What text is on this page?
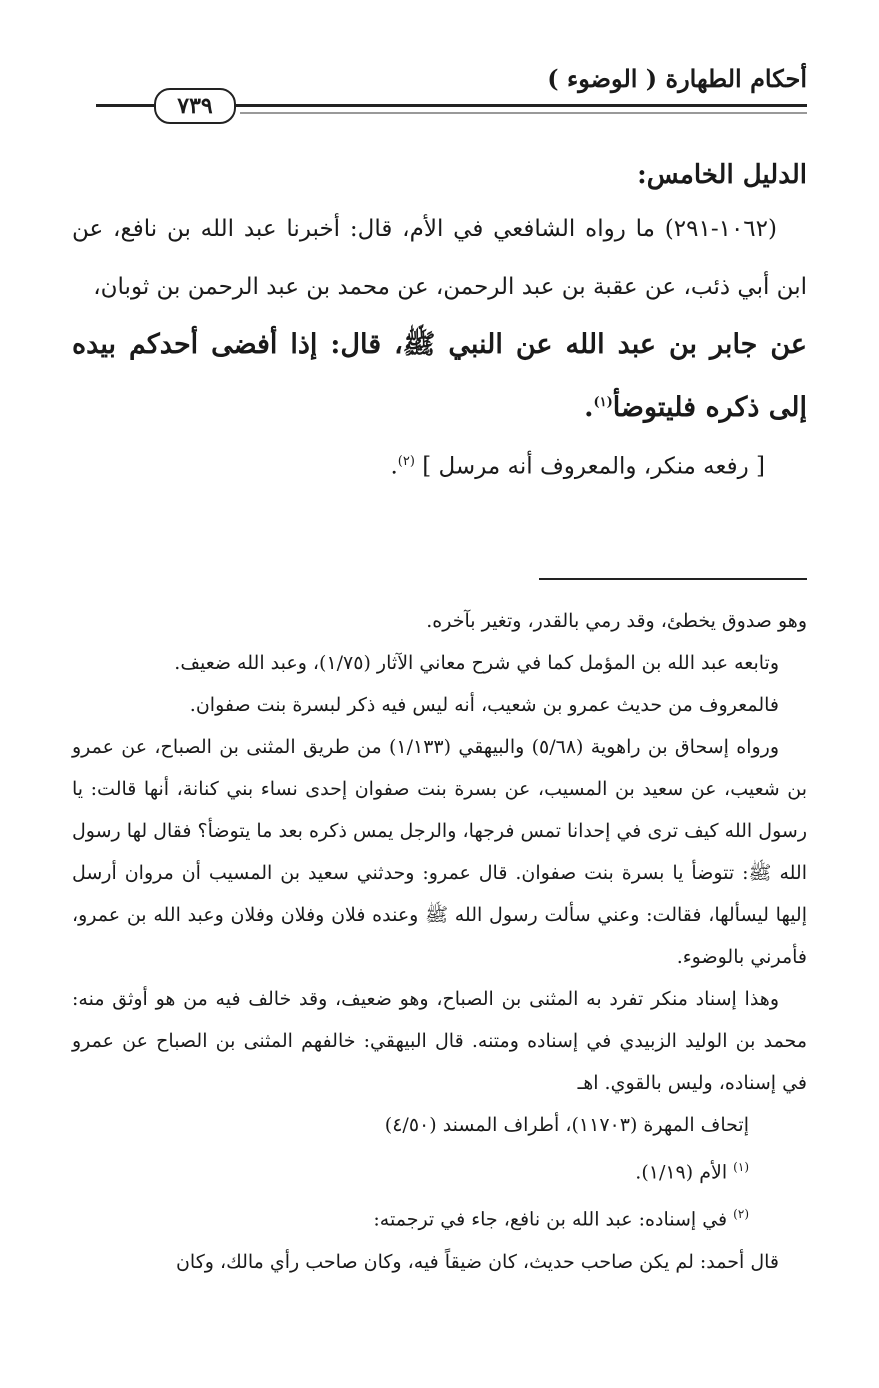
أحكام الطهارة ( الوضوء )
٧٣٩

الدليل الخامس:

(١٠٦٢-٢٩١) ما رواه الشافعي في الأم، قال: أخبرنا عبد الله بن نافع، عن ابن أبي ذئب، عن عقبة بن عبد الرحمن، عن محمد بن عبد الرحمن بن ثوبان،

عن جابر بن عبد الله عن النبي ﷺ، قال: إذا أفضى أحدكم بيده إلى ذكره فليتوضأ$^{(١)}$.

[ رفعه منكر، والمعروف أنه مرسل ] $^{(٢)}$.

وهو صدوق يخطئ، وقد رمي بالقدر، وتغير بآخره.

وتابعه عبد الله بن المؤمل كما في شرح معاني الآثار (١/٧٥)، وعبد الله ضعيف.

فالمعروف من حديث عمرو بن شعيب، أنه ليس فيه ذكر لبسرة بنت صفوان.

ورواه إسحاق بن راهوية (٥/٦٨) والبيهقي (١/١٣٣) من طريق المثنى بن الصباح، عن عمرو بن شعيب، عن سعيد بن المسيب، عن بسرة بنت صفوان إحدى نساء بني كنانة، أنها قالت: يا رسول الله كيف ترى في إحدانا تمس فرجها، والرجل يمس ذكره بعد ما يتوضأ؟ فقال لها رسول الله ﷺ: تتوضأ يا بسرة بنت صفوان. قال عمرو: وحدثني سعيد بن المسيب أن مروان أرسل إليها ليسألها، فقالت: وعني سألت رسول الله ﷺ وعنده فلان وفلان وفلان وعبد الله بن عمرو، فأمرني بالوضوء.

وهذا إسناد منكر تفرد به المثنى بن الصباح، وهو ضعيف، وقد خالف فيه من هو أوثق منه: محمد بن الوليد الزبيدي في إسناده ومتنه. قال البيهقي: خالفهم المثنى بن الصباح عن عمرو في إسناده، وليس بالقوي. اهـ

إتحاف المهرة (١١٧٠٣)، أطراف المسند (٤/٥٠)

$^{(١)}$ الأم (١/١٩).

$^{(٢)}$ في إسناده: عبد الله بن نافع، جاء في ترجمته:

قال أحمد: لم يكن صاحب حديث، كان ضيقاً فيه، وكان صاحب رأي مالك، وكان
